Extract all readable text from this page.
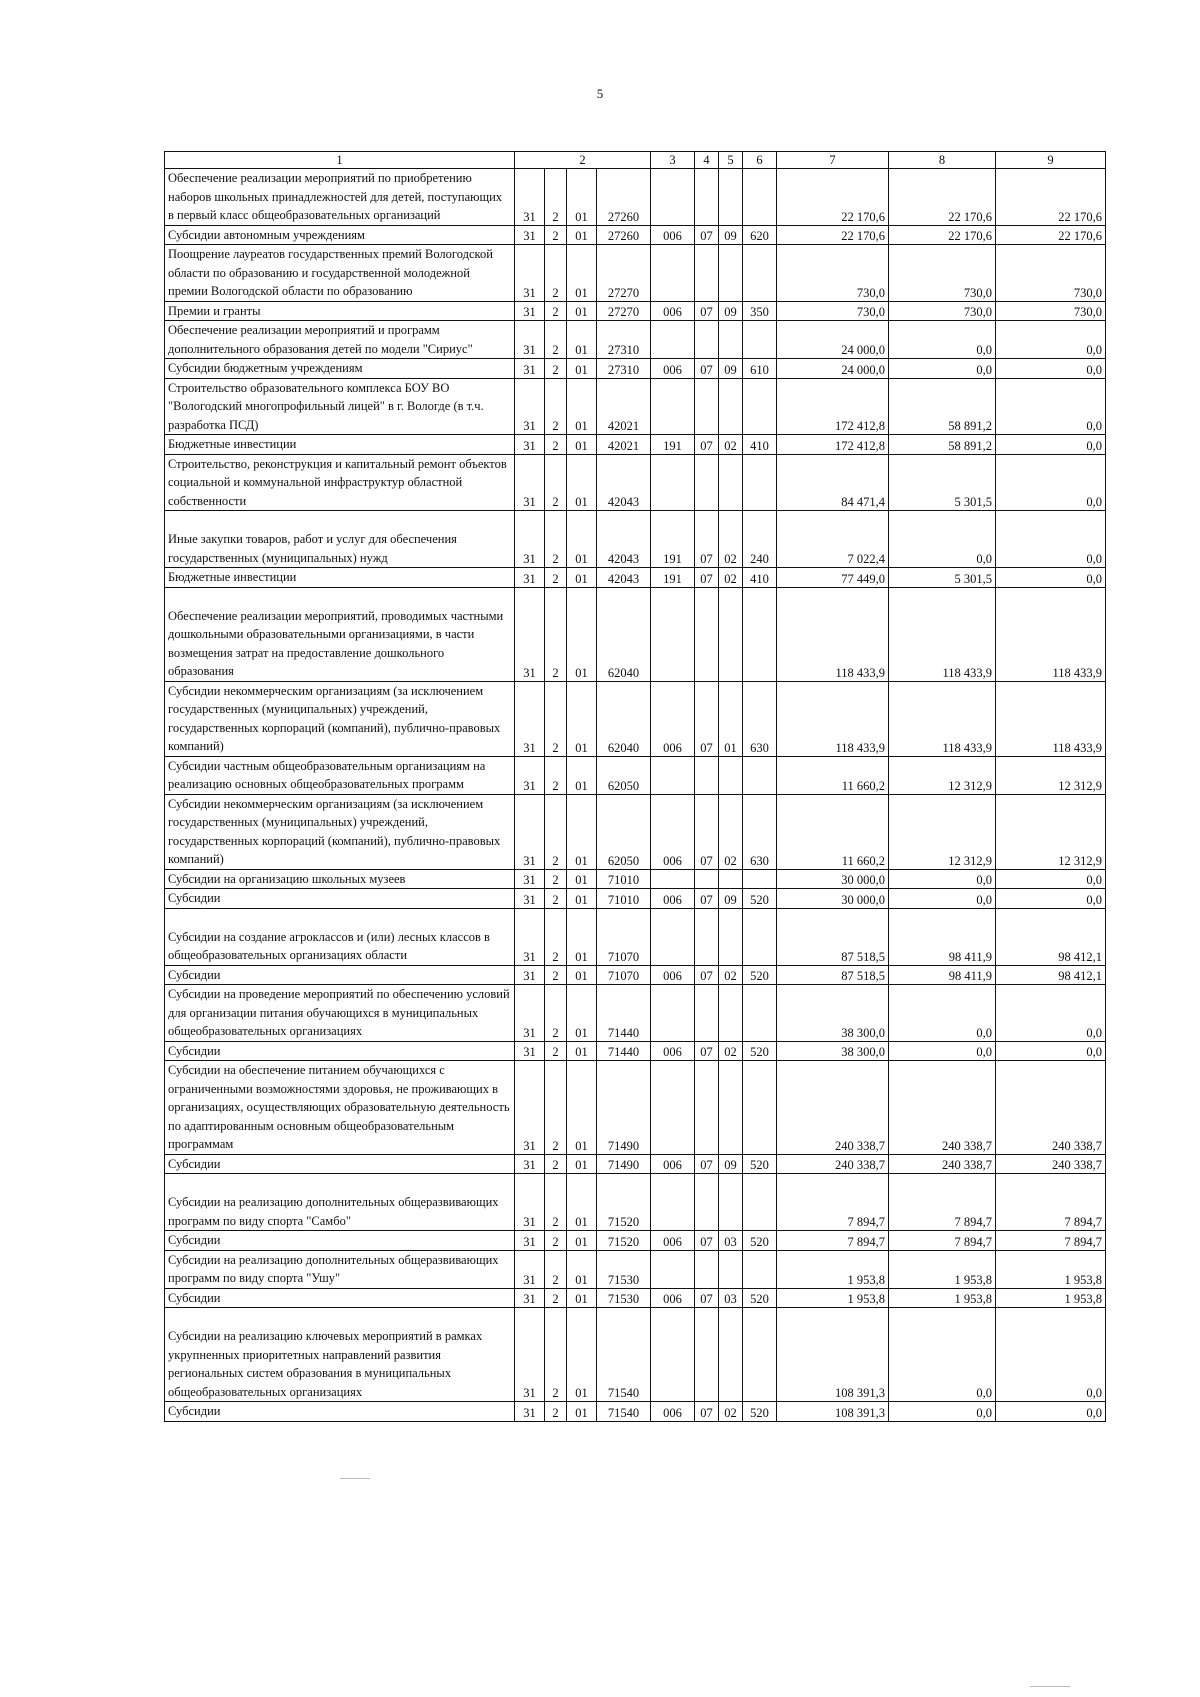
5
1	2				3	4	5	6	7	8	9
Обеспечение реализации мероприятий по приобретению наборов школьных принадлежностей для детей, поступающих в первый класс общеобразовательных организаций	31	2	01	27260					22 170,6	22 170,6	22 170,6
Субсидии автономным учреждениям	31	2	01	27260	006	07	09	620	22 170,6	22 170,6	22 170,6
Поощрение лауреатов государственных премий Вологодской области по образованию и государственной молодежной премии Вологодской области по образованию	31	2	01	27270					730,0	730,0	730,0
Премии и гранты	31	2	01	27270	006	07	09	350	730,0	730,0	730,0
Обеспечение реализации мероприятий и программ дополнительного образования детей по модели "Сириус"	31	2	01	27310					24 000,0	0,0	0,0
Субсидии бюджетным учреждениям	31	2	01	27310	006	07	09	610	24 000,0	0,0	0,0
Строительство образовательного комплекса БОУ ВО "Вологодский многопрофильный лицей" в г. Вологде (в т.ч. разработка ПСД)	31	2	01	42021					172 412,8	58 891,2	0,0
Бюджетные инвестиции	31	2	01	42021	191	07	02	410	172 412,8	58 891,2	0,0
Строительство, реконструкция и капитальный ремонт объектов социальной и коммунальной инфраструктур областной собственности	31	2	01	42043					84 471,4	5 301,5	0,0
Иные закупки товаров, работ и услуг для обеспечения государственных (муниципальных) нужд	31	2	01	42043	191	07	02	240	7 022,4	0,0	0,0
Бюджетные инвестиции	31	2	01	42043	191	07	02	410	77 449,0	5 301,5	0,0
Обеспечение реализации мероприятий, проводимых частными дошкольными образовательными организациями, в части возмещения затрат на предоставление дошкольного образования	31	2	01	62040					118 433,9	118 433,9	118 433,9
Субсидии некоммерческим организациям (за исключением государственных (муниципальных) учреждений, государственных корпораций (компаний), публично-правовых компаний)	31	2	01	62040	006	07	01	630	118 433,9	118 433,9	118 433,9
Субсидии частным общеобразовательным организациям на реализацию основных общеобразовательных программ	31	2	01	62050					11 660,2	12 312,9	12 312,9
Субсидии некоммерческим организациям (за исключением государственных (муниципальных) учреждений, государственных корпораций (компаний), публично-правовых компаний)	31	2	01	62050	006	07	02	630	11 660,2	12 312,9	12 312,9
Субсидии на организацию школьных музеев	31	2	01	71010					30 000,0	0,0	0,0
Субсидии	31	2	01	71010	006	07	09	520	30 000,0	0,0	0,0
Субсидии на создание агроклассов и (или) лесных классов в общеобразовательных организациях области	31	2	01	71070					87 518,5	98 411,9	98 412,1
Субсидии	31	2	01	71070	006	07	02	520	87 518,5	98 411,9	98 412,1
Субсидии на проведение мероприятий по обеспечению условий для организации питания обучающихся в муниципальных общеобразовательных организациях	31	2	01	71440					38 300,0	0,0	0,0
Субсидии	31	2	01	71440	006	07	02	520	38 300,0	0,0	0,0
Субсидии на обеспечение питанием обучающихся с ограниченными возможностями здоровья, не проживающих в организациях, осуществляющих образовательную деятельность по адаптированным основным общеобразовательным программам	31	2	01	71490					240 338,7	240 338,7	240 338,7
Субсидии	31	2	01	71490	006	07	09	520	240 338,7	240 338,7	240 338,7
Субсидии на реализацию дополнительных общеразвивающих программ по виду спорта "Самбо"	31	2	01	71520					7 894,7	7 894,7	7 894,7
Субсидии	31	2	01	71520	006	07	03	520	7 894,7	7 894,7	7 894,7
Субсидии на реализацию дополнительных общеразвивающих программ по виду спорта "Ушу"	31	2	01	71530					1 953,8	1 953,8	1 953,8
Субсидии	31	2	01	71530	006	07	03	520	1 953,8	1 953,8	1 953,8
Субсидии на реализацию ключевых мероприятий в рамках укрупненных приоритетных направлений развития региональных систем образования в муниципальных общеобразовательных организациях	31	2	01	71540					108 391,3	0,0	0,0
Субсидии	31	2	01	71540	006	07	02	520	108 391,3	0,0	0,0
